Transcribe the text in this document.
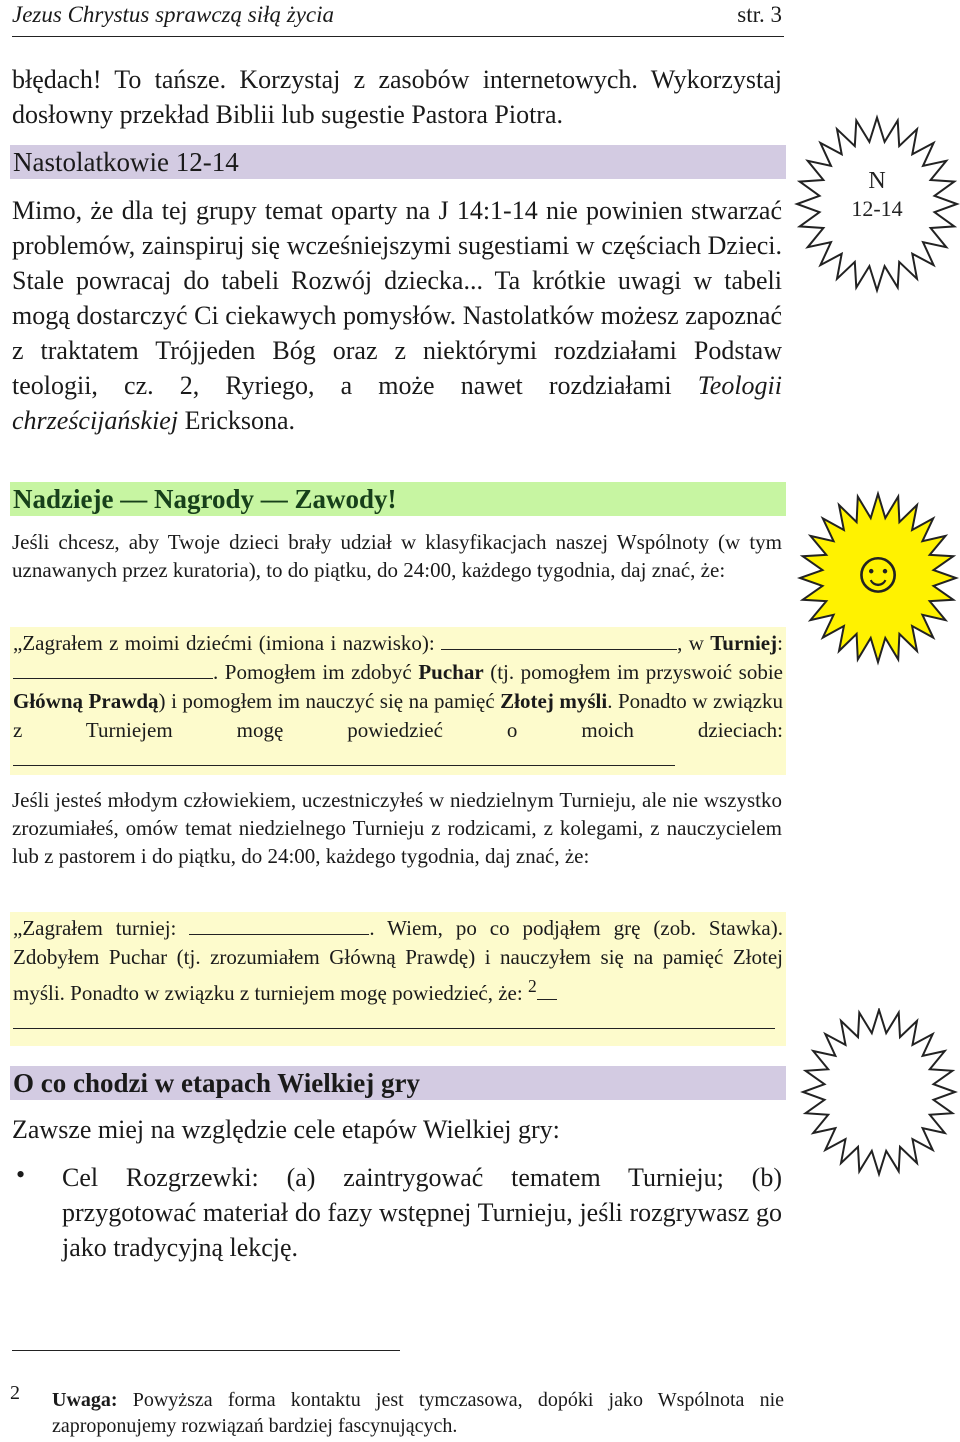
Jezus Chrystus sprawczą siłą życia	str. 3
błędach! To tańsze. Korzystaj z zasobów internetowych. Wykorzystaj dosłowny przekład Biblii lub sugestie Pastora Piotra.
Nastolatkowie 12-14
Mimo, że dla tej grupy temat oparty na J 14:1-14 nie powinien stwarzać problemów, zainspiruj się wcześniejszymi sugestiami w częściach Dzieci. Stale powracaj do tabeli Rozwój dziecka... Ta krótkie uwagi w tabeli mogą dostarczyć Ci ciekawych pomysłów. Nastolatków możesz zapoznać z traktatem Trójjeden Bóg oraz z niektórymi rozdziałami Podstaw teologii, cz. 2, Ryriego, a może nawet rozdziałami Teologii chrześcijańskiej Ericksona.
Nadzieje — Nagrody — Zawody!
Jeśli chcesz, aby Twoje dzieci brały udział w klasyfikacjach naszej Wspólnoty (w tym uznawanych przez kuratoria), to do piątku, do 24:00, każdego tygodnia, daj znać, że:
„Zagrałem z moimi dziećmi (imiona i nazwisko):	, w Turniej: . Pomogłem im zdobyć Puchar (tj. pomogłem im przyswoić sobie Główną Prawdą) i pomogłem im nauczyć się na pamięć Złotej myśli. Ponadto w związku z Turniejem mogę powiedzieć o moich dzieciach:
Jeśli jesteś młodym człowiekiem, uczestniczyłeś w niedzielnym Turnieju, ale nie wszystko zrozumiałeś, omów temat niedzielnego Turnieju z rodzicami, z kolegami, z nauczycielem lub z pastorem i do piątku, do 24:00, każdego tygodnia, daj znać, że:
„Zagrałem turniej:	. Wiem, po co podjąłem grę (zob. Stawka). Zdobyłem Puchar (tj. zrozumiałem Główną Prawdę) i nauczyłem się na pamięć Złotej myśli. Ponadto w związku z turniejem mogę powiedzieć, że: $^2$

O co chodzi w etapach Wielkiej gry
Zawsze miej na względzie cele etapów Wielkiej gry:
• Cel Rozgrzewki: (a) zaintrygować tematem Turnieju; (b) przygotować materiał do fazy wstępnej Turnieju, jeśli rozgrywasz go jako tradycyjną lekcję.
2 Uwaga: Powyższa forma kontaktu jest tymczasowa, dopóki jako Wspólnota nie zaproponujemy rozwiązań bardziej fascynujących.
N
12-14
☺
